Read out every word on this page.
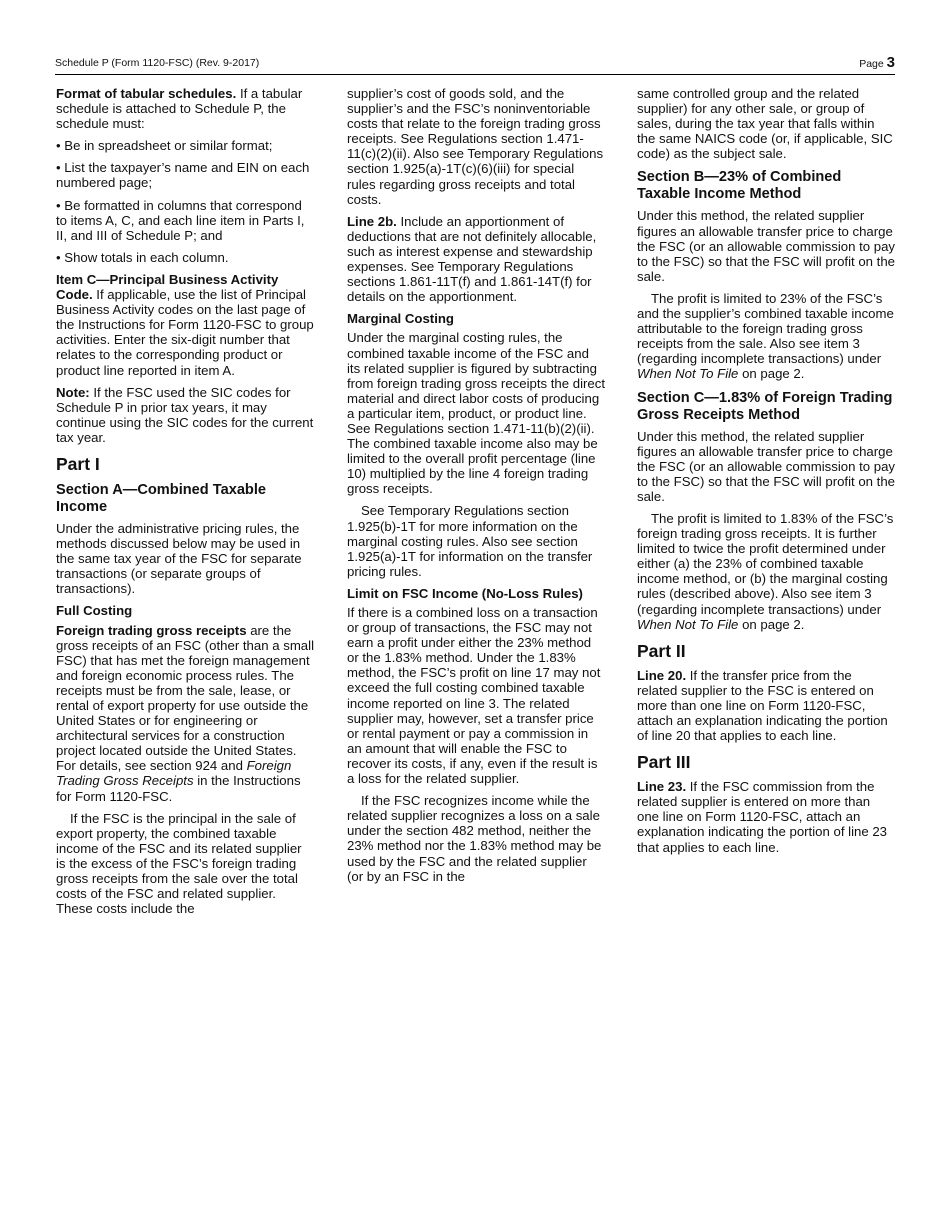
Schedule P (Form 1120-FSC) (Rev. 9-2017)	Page 3

Format of tabular schedules. If a tabular schedule is attached to Schedule P, the schedule must:

• Be in spreadsheet or similar format;

• List the taxpayer’s name and EIN on each numbered page;

• Be formatted in columns that correspond to items A, C, and each line item in Parts I, II, and III of Schedule P; and

• Show totals in each column.

Item C—Principal Business Activity Code. If applicable, use the list of Principal Business Activity codes on the last page of the Instructions for Form 1120-FSC to group activities. Enter the six-digit number that relates to the corresponding product or product line reported in item A.

Note: If the FSC used the SIC codes for Schedule P in prior tax years, it may continue using the SIC codes for the current tax year.

Part I
Section A—Combined Taxable Income

Under the administrative pricing rules, the methods discussed below may be used in the same tax year of the FSC for separate transactions (or separate groups of transactions).

Full Costing

Foreign trading gross receipts are the gross receipts of an FSC (other than a small FSC) that has met the foreign management and foreign economic process rules. The receipts must be from the sale, lease, or rental of export property for use outside the United States or for engineering or architectural services for a construction project located outside the United States. For details, see section 924 and Foreign Trading Gross Receipts in the Instructions for Form 1120-FSC.

If the FSC is the principal in the sale of export property, the combined taxable income of the FSC and its related supplier is the excess of the FSC’s foreign trading gross receipts from the sale over the total costs of the FSC and related supplier. These costs include the

supplier’s cost of goods sold, and the supplier’s and the FSC’s noninventoriable costs that relate to the foreign trading gross receipts. See Regulations section 1.471-11(c)(2)(ii). Also see Temporary Regulations section 1.925(a)-1T(c)(6)(iii) for special rules regarding gross receipts and total costs.

Line 2b. Include an apportionment of deductions that are not definitely allocable, such as interest expense and stewardship expenses. See Temporary Regulations sections 1.861-11T(f) and 1.861-14T(f) for details on the apportionment.

Marginal Costing

Under the marginal costing rules, the combined taxable income of the FSC and its related supplier is figured by subtracting from foreign trading gross receipts the direct material and direct labor costs of producing a particular item, product, or product line. See Regulations section 1.471-11(b)(2)(ii). The combined taxable income also may be limited to the overall profit percentage (line 10) multiplied by the line 4 foreign trading gross receipts.

See Temporary Regulations section 1.925(b)-1T for more information on the marginal costing rules. Also see section 1.925(a)-1T for information on the transfer pricing rules.

Limit on FSC Income (No-Loss Rules)

If there is a combined loss on a transaction or group of transactions, the FSC may not earn a profit under either the 23% method or the 1.83% method. Under the 1.83% method, the FSC’s profit on line 17 may not exceed the full costing combined taxable income reported on line 3. The related supplier may, however, set a transfer price or rental payment or pay a commission in an amount that will enable the FSC to recover its costs, if any, even if the result is a loss for the related supplier.

If the FSC recognizes income while the related supplier recognizes a loss on a sale under the section 482 method, neither the 23% method nor the 1.83% method may be used by the FSC and the related supplier (or by an FSC in the

same controlled group and the related supplier) for any other sale, or group of sales, during the tax year that falls within the same NAICS code (or, if applicable, SIC code) as the subject sale.

Section B—23% of Combined Taxable Income Method

Under this method, the related supplier figures an allowable transfer price to charge the FSC (or an allowable commission to pay to the FSC) so that the FSC will profit on the sale.

The profit is limited to 23% of the FSC’s and the supplier’s combined taxable income attributable to the foreign trading gross receipts from the sale. Also see item 3 (regarding incomplete transactions) under When Not To File on page 2.

Section C—1.83% of Foreign Trading Gross Receipts Method

Under this method, the related supplier figures an allowable transfer price to charge the FSC (or an allowable commission to pay to the FSC) so that the FSC will profit on the sale.

The profit is limited to 1.83% of the FSC’s foreign trading gross receipts. It is further limited to twice the profit determined under either (a) the 23% of combined taxable income method, or (b) the marginal costing rules (described above). Also see item 3 (regarding incomplete transactions) under When Not To File on page 2.

Part II

Line 20. If the transfer price from the related supplier to the FSC is entered on more than one line on Form 1120-FSC, attach an explanation indicating the portion of line 20 that applies to each line.

Part III

Line 23. If the FSC commission from the related supplier is entered on more than one line on Form 1120-FSC, attach an explanation indicating the portion of line 23 that applies to each line.
